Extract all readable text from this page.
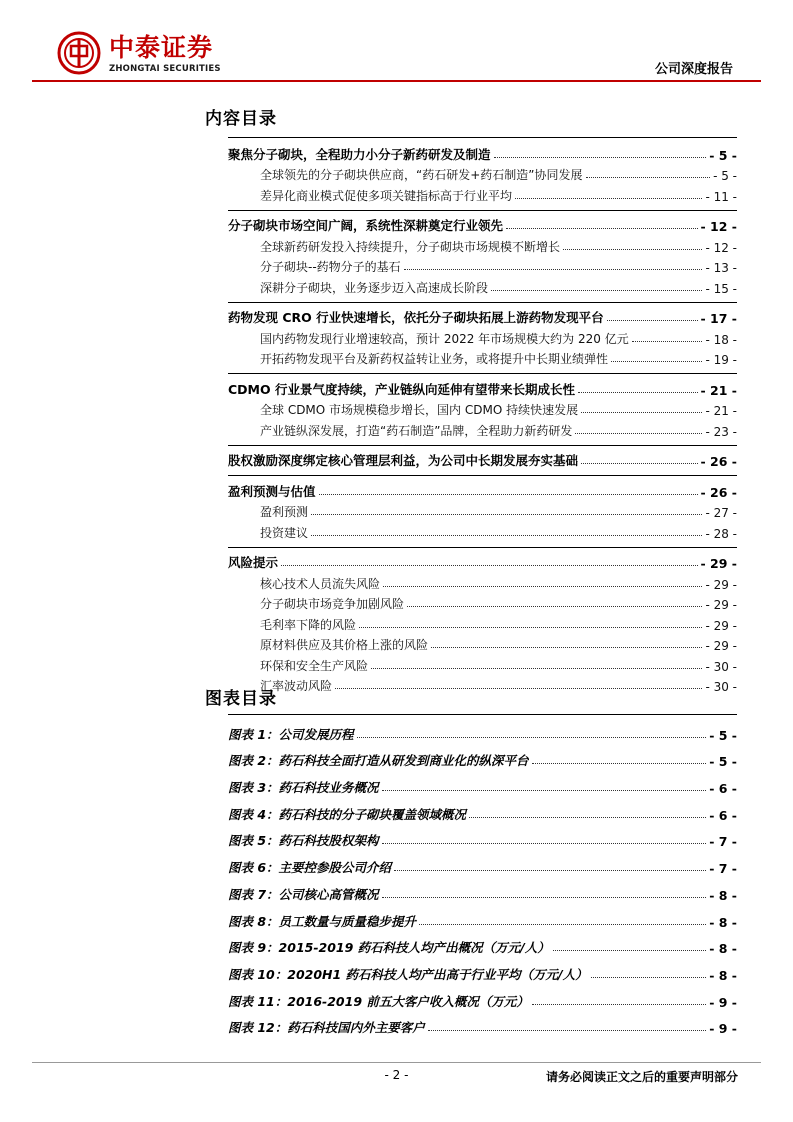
中泰证券
ZHONGTAI SECURITIES	公司深度报告
内容目录
聚焦分子砌块，全程助力小分子新药研发及制造	- 5 -
全球领先的分子砌块供应商，“药石研发+药石制造”协同发展	- 5 -
差异化商业模式促使多项关键指标高于行业平均	- 11 -
分子砌块市场空间广阔，系统性深耕奠定行业领先	- 12 -
全球新药研发投入持续提升，分子砌块市场规模不断增长	- 12 -
分子砌块--药物分子的基石	- 13 -
深耕分子砌块，业务逐步迈入高速成长阶段	- 15 -
药物发现 CRO 行业快速增长，依托分子砌块拓展上游药物发现平台	- 17 -
国内药物发现行业增速较高，预计 2022 年市场规模大约为 220 亿元	- 18 -
开拓药物发现平台及新药权益转让业务，或将提升中长期业绩弹性	- 19 -
CDMO 行业景气度持续，产业链纵向延伸有望带来长期成长性	- 21 -
全球 CDMO 市场规模稳步增长，国内 CDMO 持续快速发展	- 21 -
产业链纵深发展，打造“药石制造”品牌，全程助力新药研发	- 23 -
股权激励深度绑定核心管理层利益，为公司中长期发展夯实基础	- 26 -
盈利预测与估值	- 26 -
盈利预测	- 27 -
投资建议	- 28 -
风险提示	- 29 -
核心技术人员流失风险	- 29 -
分子砌块市场竞争加剧风险	- 29 -
毛利率下降的风险	- 29 -
原材料供应及其价格上涨的风险	- 29 -
环保和安全生产风险	- 30 -
汇率波动风险	- 30 -
图表目录
图表 1：公司发展历程	- 5 -
图表 2：药石科技全面打造从研发到商业化的纵深平台	- 5 -
图表 3：药石科技业务概况	- 6 -
图表 4：药石科技的分子砌块覆盖领域概况	- 6 -
图表 5：药石科技股权架构	- 7 -
图表 6：主要控参股公司介绍	- 7 -
图表 7：公司核心高管概况	- 8 -
图表 8：员工数量与质量稳步提升	- 8 -
图表 9：2015-2019 药石科技人均产出概况（万元/人）	- 8 -
图表 10：2020H1 药石科技人均产出高于行业平均（万元/人）	- 8 -
图表 11：2016-2019 前五大客户收入概况（万元）	- 9 -
图表 12：药石科技国内外主要客户	- 9 -
- 2 -	请务必阅读正文之后的重要声明部分
